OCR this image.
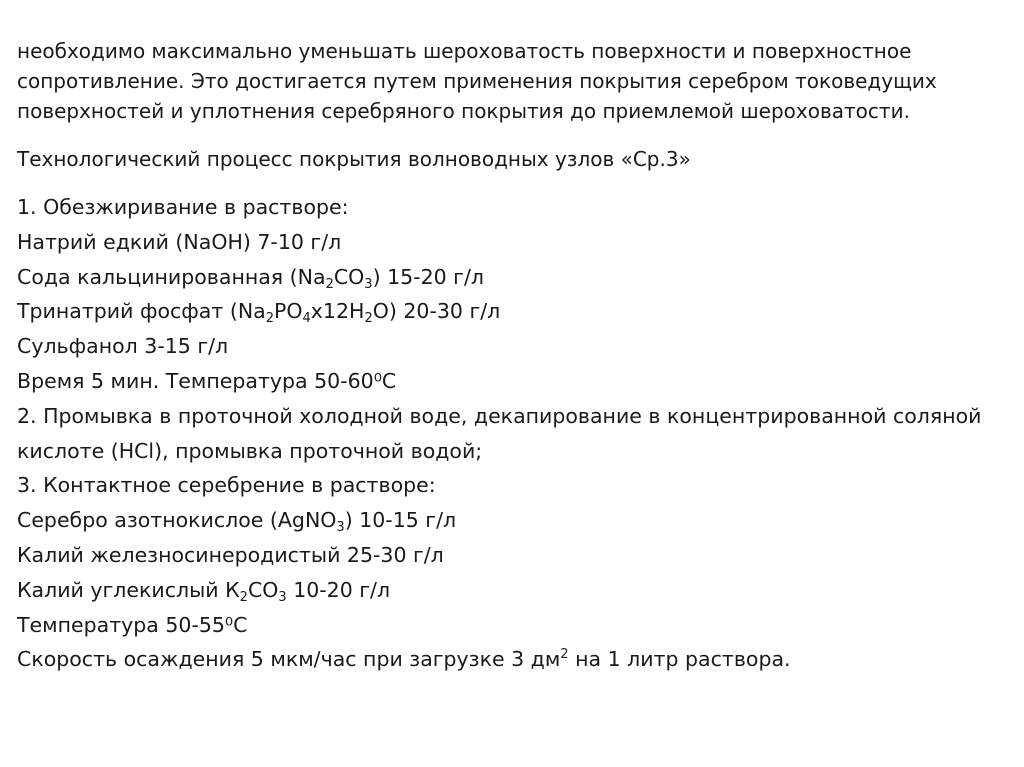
необходимо максимально уменьшать шероховатость поверхности и поверхностное
сопротивление. Это достигается путем применения покрытия серебром токоведущих
поверхностей и уплотнения серебряного покрытия до приемлемой шероховатости.
Технологический процесс покрытия волноводных узлов «Ср.3»
1. Обезжиривание в растворе:
Натрий едкий (NaOH) 7-10 г/л
Сода кальцинированная $(Na_2CO_3)$ 15-20 г/л
Тринатрий фосфат $(Na_2PO_4x12H_2O)$ 20-30 г/л
Сульфанол 3-15 г/л
Время 5 мин. Температура 50-60⁰С
2. Промывка в проточной холодной воде, декапирование в концентрированной соляной
кислоте (HCl), промывка проточной водой;
3. Контактное серебрение в растворе:
Серебро азотнокислое (AgNO$_3$) 10-15 г/л
Калий железносинеродистый 25-30 г/л
Калий углекислый $К_2СО_3$ 10-20 г/л
Температура 50-55⁰С
Скорость осаждения 5 мкм/час при загрузке 3 $дм^2$ на 1 литр раствора.
